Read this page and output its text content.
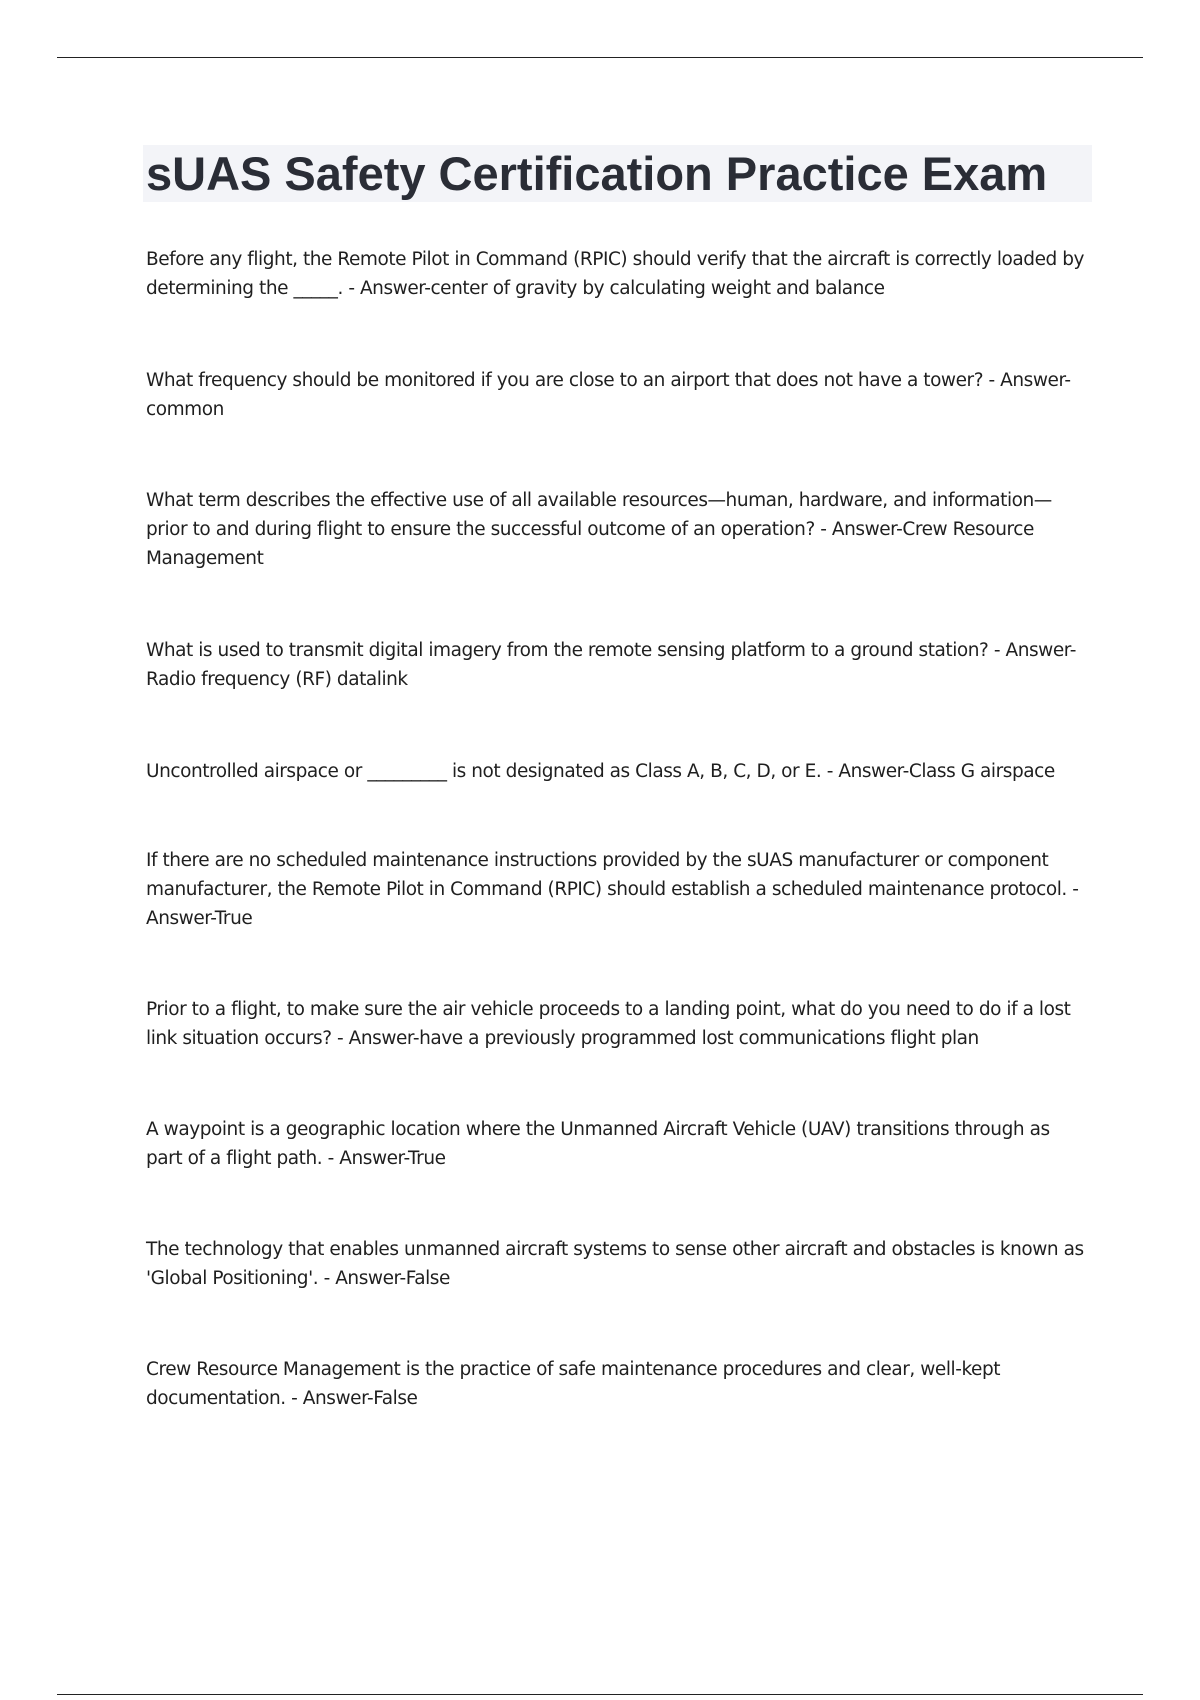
sUAS Safety Certification Practice Exam

Before any flight, the Remote Pilot in Command (RPIC) should verify that the aircraft is correctly loaded by determining the _____. - Answer-center of gravity by calculating weight and balance

What frequency should be monitored if you are close to an airport that does not have a tower? - Answer-common

What term describes the effective use of all available resources—human, hardware, and information—prior to and during flight to ensure the successful outcome of an operation? - Answer-Crew Resource Management

What is used to transmit digital imagery from the remote sensing platform to a ground station? - Answer-Radio frequency (RF) datalink

Uncontrolled airspace or _________ is not designated as Class A, B, C, D, or E. - Answer-Class G airspace

If there are no scheduled maintenance instructions provided by the sUAS manufacturer or component manufacturer, the Remote Pilot in Command (RPIC) should establish a scheduled maintenance protocol. - Answer-True

Prior to a flight, to make sure the air vehicle proceeds to a landing point, what do you need to do if a lost link situation occurs? - Answer-have a previously programmed lost communications flight plan

A waypoint is a geographic location where the Unmanned Aircraft Vehicle (UAV) transitions through as part of a flight path. - Answer-True

The technology that enables unmanned aircraft systems to sense other aircraft and obstacles is known as 'Global Positioning'. - Answer-False

Crew Resource Management is the practice of safe maintenance procedures and clear, well-kept documentation. - Answer-False
